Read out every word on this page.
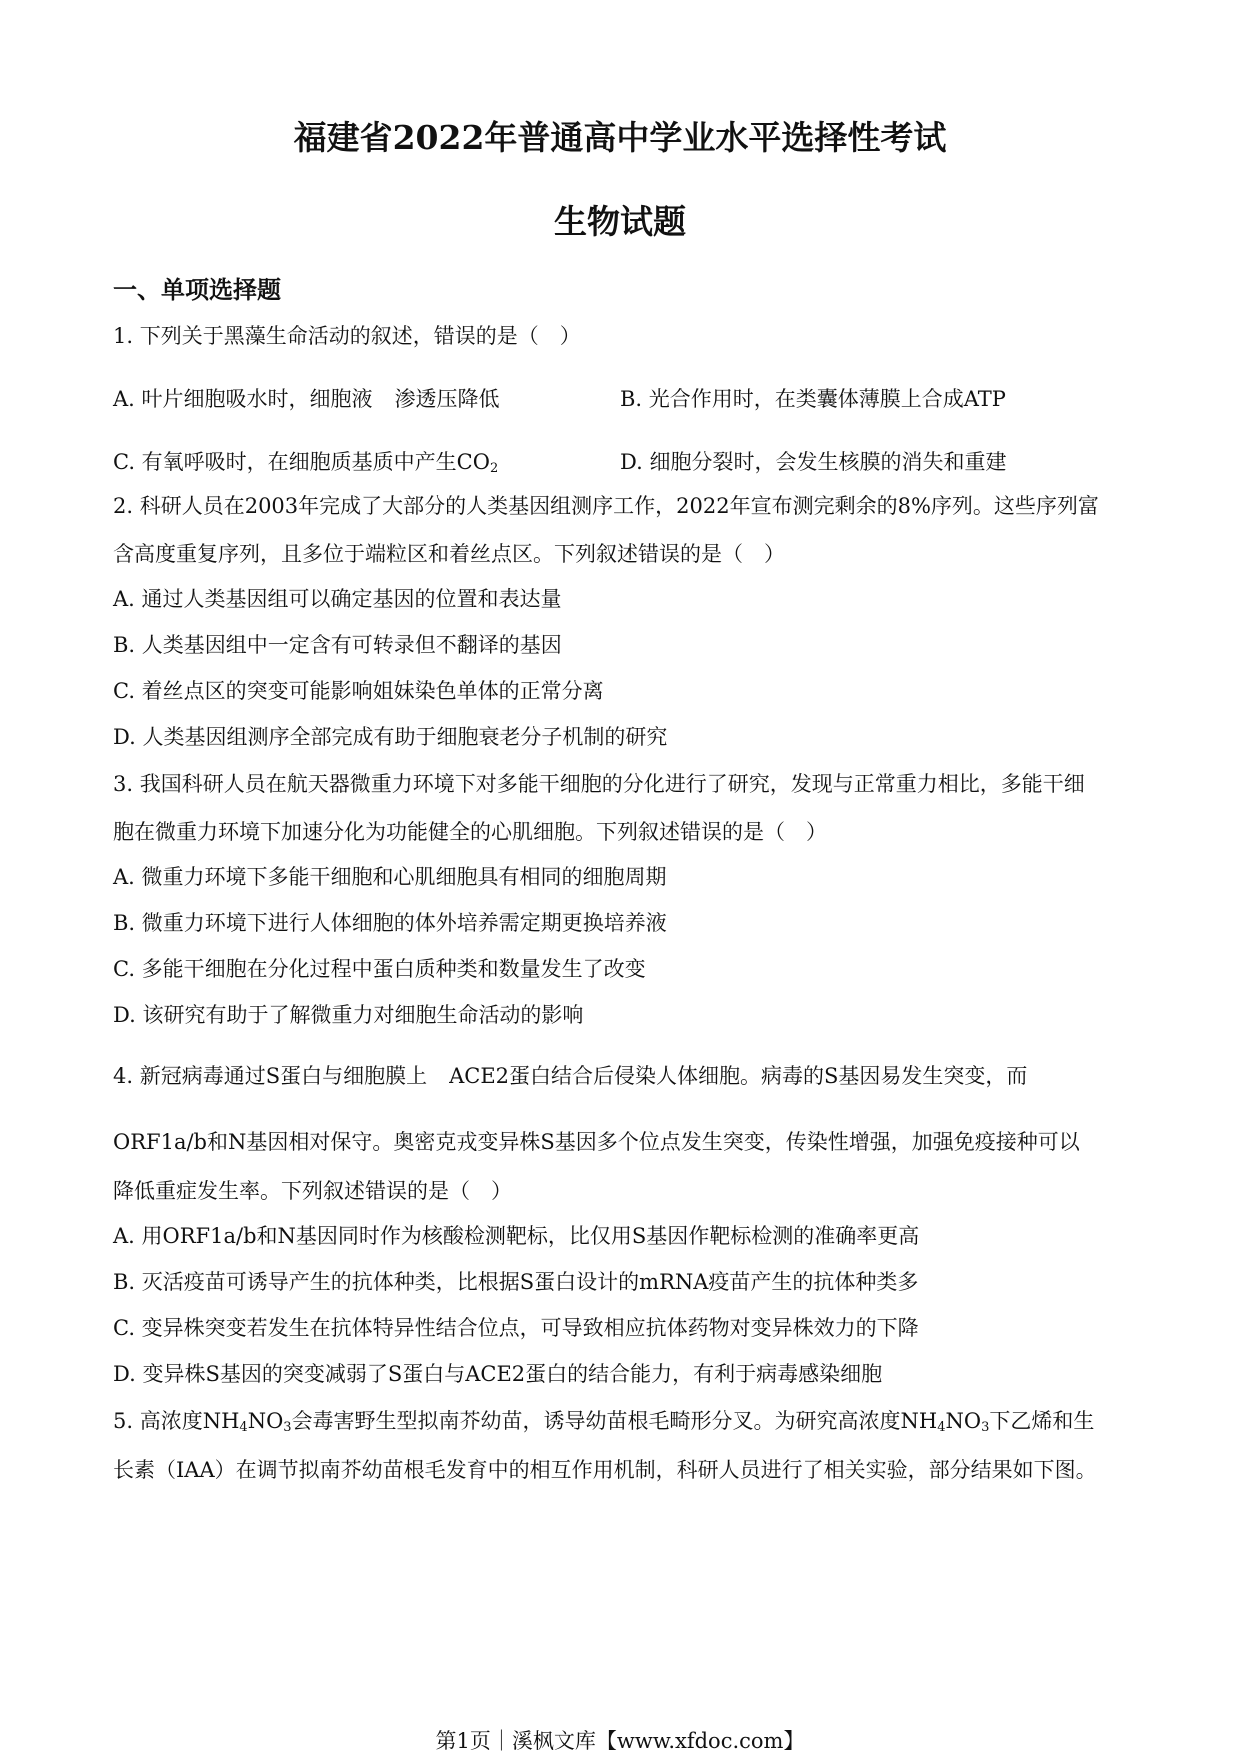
福建省2022年普通高中学业水平选择性考试
生物试题
一、单项选择题
1. 下列关于黑藻生命活动的叙述，错误的是（　）
A. 叶片细胞吸水时，细胞液 渗透压降低	B. 光合作用时，在类囊体薄膜上合成ATP
C. 有氧呼吸时，在细胞质基质中产生$CO_2$	D. 细胞分裂时，会发生核膜的消失和重建
2. 科研人员在2003年完成了大部分的人类基因组测序工作，2022年宣布测完剩余的8%序列。这些序列富
含高度重复序列，且多位于端粒区和着丝点区。下列叙述错误的是（　）
A. 通过人类基因组可以确定基因的位置和表达量
B. 人类基因组中一定含有可转录但不翻译的基因
C. 着丝点区的突变可能影响姐妹染色单体的正常分离
D. 人类基因组测序全部完成有助于细胞衰老分子机制的研究
3. 我国科研人员在航天器微重力环境下对多能干细胞的分化进行了研究，发现与正常重力相比，多能干细
胞在微重力环境下加速分化为功能健全的心肌细胞。下列叙述错误的是（　）
A. 微重力环境下多能干细胞和心肌细胞具有相同的细胞周期
B. 微重力环境下进行人体细胞的体外培养需定期更换培养液
C. 多能干细胞在分化过程中蛋白质种类和数量发生了改变
D. 该研究有助于了解微重力对细胞生命活动的影响
4. 新冠病毒通过S蛋白与细胞膜上 ACE2蛋白结合后侵染人体细胞。病毒的S基因易发生突变，而
ORF1a/b和N基因相对保守。奥密克戎变异株S基因多个位点发生突变，传染性增强，加强免疫接种可以
降低重症发生率。下列叙述错误的是（　）
A. 用ORF1a/b和N基因同时作为核酸检测靶标，比仅用S基因作靶标检测的准确率更高
B. 灭活疫苗可诱导产生的抗体种类，比根据S蛋白设计的mRNA疫苗产生的抗体种类多
C. 变异株突变若发生在抗体特异性结合位点，可导致相应抗体药物对变异株效力的下降
D. 变异株S基因的突变减弱了S蛋白与ACE2蛋白的结合能力，有利于病毒感染细胞
5. 高浓度$NH_4NO_3$会毒害野生型拟南芥幼苗，诱导幼苗根毛畸形分叉。为研究高浓度$NH_4NO_3$下乙烯和生
长素（IAA）在调节拟南芥幼苗根毛发育中的相互作用机制，科研人员进行了相关实验，部分结果如下图。
第1页｜溪枫文库【www.xfdoc.com】
